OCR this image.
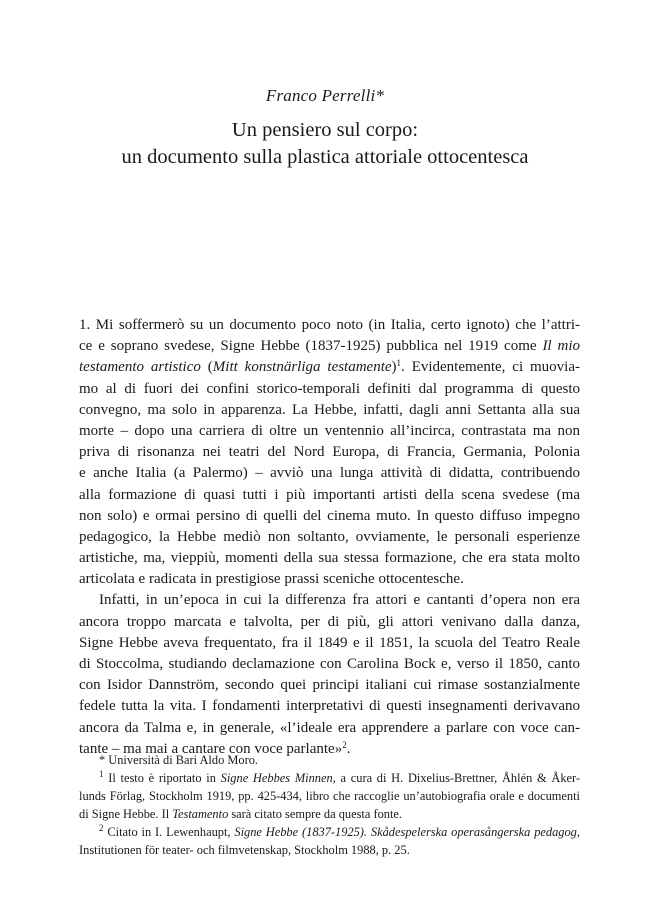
Franco Perrelli*
Un pensiero sul corpo:
un documento sulla plastica attoriale ottocentesca
1. Mi soffermerò su un documento poco noto (in Italia, certo ignoto) che l’attri-
ce e soprano svedese, Signe Hebbe (1837-1925) pubblica nel 1919 come Il mio
testamento artistico (Mitt konstnärliga testamente)$^1$. Evidentemente, ci muovia-
mo al di fuori dei confini storico-temporali definiti dal programma di questo
convegno, ma solo in apparenza. La Hebbe, infatti, dagli anni Settanta alla sua
morte – dopo una carriera di oltre un ventennio all’incirca, contrastata ma non
priva di risonanza nei teatri del Nord Europa, di Francia, Germania, Polonia
e anche Italia (a Palermo) – avviò una lunga attività di didatta, contribuendo
alla formazione di quasi tutti i più importanti artisti della scena svedese (ma
non solo) e ormai persino di quelli del cinema muto. In questo diffuso impegno
pedagogico, la Hebbe mediò non soltanto, ovviamente, le personali esperienze
artistiche, ma, vieppiù, momenti della sua stessa formazione, che era stata molto
articolata e radicata in prestigiose prassi sceniche ottocentesche.
Infatti, in un’epoca in cui la differenza fra attori e cantanti d’opera non era
ancora troppo marcata e talvolta, per di più, gli attori venivano dalla danza,
Signe Hebbe aveva frequentato, fra il 1849 e il 1851, la scuola del Teatro Reale
di Stoccolma, studiando declamazione con Carolina Bock e, verso il 1850, canto
con Isidor Dannström, secondo quei principi italiani cui rimase sostanzialmente
fedele tutta la vita. I fondamenti interpretativi di questi insegnamenti derivavano
ancora da Talma e, in generale, «l’ideale era apprendere a parlare con voce can-
tante – ma mai a cantare con voce parlante»$^2$.
* Università di Bari Aldo Moro.
$^1$ Il testo è riportato in Signe Hebbes Minnen, a cura di H. Dixelius-Brettner, Åhlén & Åker-
lunds Förlag, Stockholm 1919, pp. 425-434, libro che raccoglie un’autobiografia orale e documenti
di Signe Hebbe. Il Testamento sarà citato sempre da questa fonte.
$^2$ Citato in I. Lewenhaupt, Signe Hebbe (1837-1925). Skådespelerska operasångerska pedagog,
Institutionen för teater- och filmvetenskap, Stockholm 1988, p. 25.
